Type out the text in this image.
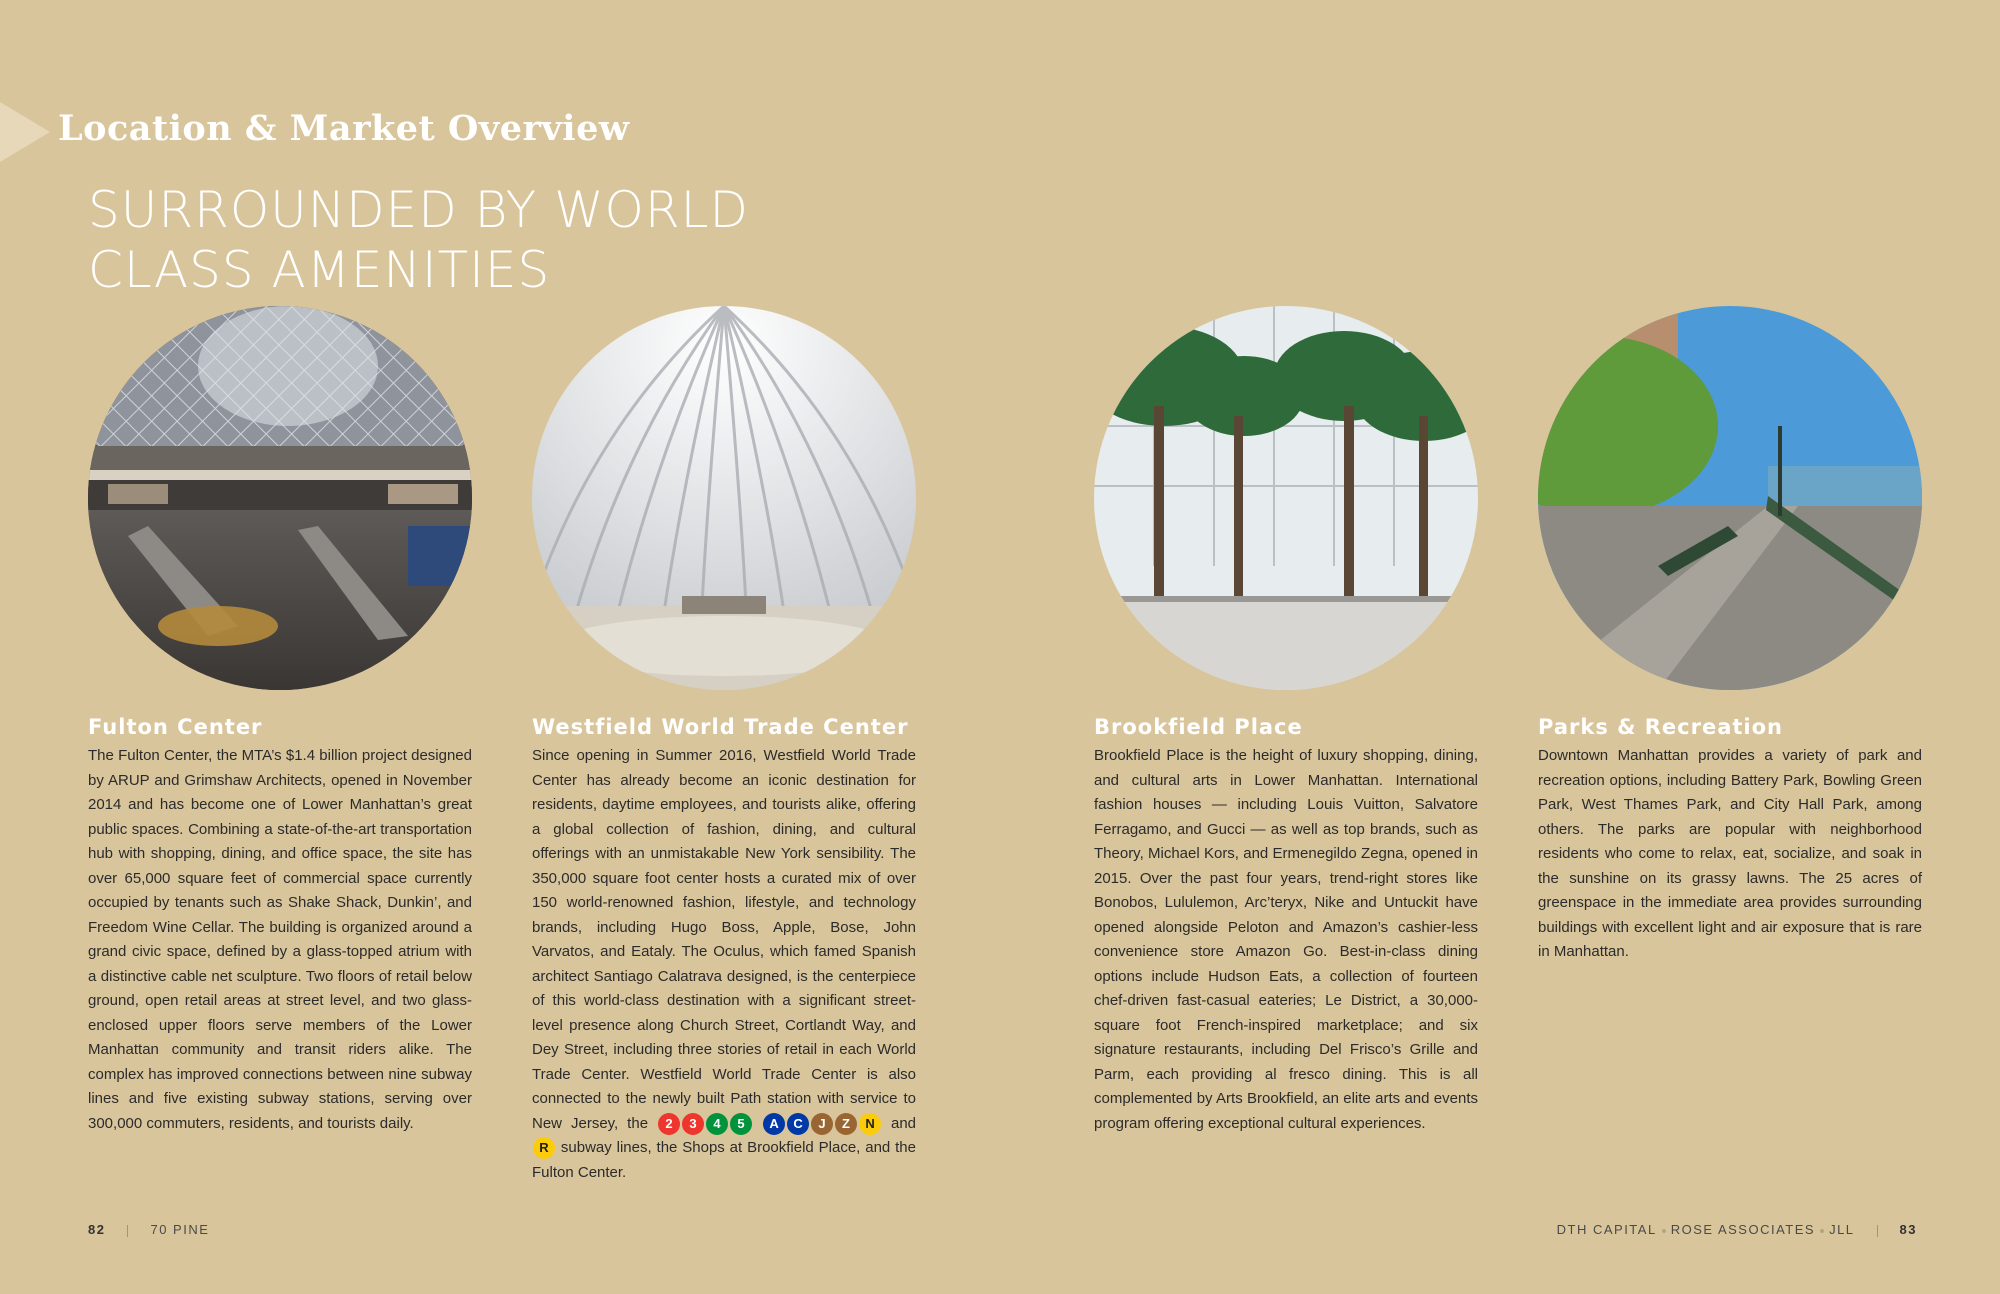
Location & Market Overview
SURROUNDED BY WORLD
CLASS AMENITIES
Fulton Center

The Fulton Center, the MTA’s $1.4 billion project designed by ARUP and Grimshaw Architects, opened in November 2014 and has become one of Lower Manhattan’s great public spaces. Combining a state-of-the-art transportation hub with shopping, dining, and office space, the site has over 65,000 square feet of commercial space currently occupied by tenants such as Shake Shack, Dunkin’, and Freedom Wine Cellar. The building is organized around a grand civic space, defined by a glass-topped atrium with a distinctive cable net sculpture. Two floors of retail below ground, open retail areas at street level, and two glass-enclosed upper floors serve members of the Lower Manhattan community and transit riders alike. The complex has improved connections between nine subway lines and five existing subway stations, serving over 300,000 commuters, residents, and tourists daily.

Westfield World Trade Center

Since opening in Summer 2016, Westfield World Trade Center has already become an iconic destination for residents, daytime employees, and tourists alike, offering a global collection of fashion, dining, and cultural offerings with an unmistakable New York sensibility. The 350,000 square foot center hosts a curated mix of over 150 world-renowned fashion, lifestyle, and technology brands, including Hugo Boss, Apple, Bose, John Varvatos, and Eataly. The Oculus, which famed Spanish architect Santiago Calatrava designed, is the centerpiece of this world-class destination with a significant street-level presence along Church Street, Cortlandt Way, and Dey Street, including three stories of retail in each World Trade Center. Westfield World Trade Center is also connected to the newly built Path station with service to New Jersey, the 2 3 4 5 A C J Z N and R subway lines, the Shops at Brookfield Place, and the Fulton Center.

Brookfield Place

Brookfield Place is the height of luxury shopping, dining, and cultural arts in Lower Manhattan. International fashion houses — including Louis Vuitton, Salvatore Ferragamo, and Gucci — as well as top brands, such as Theory, Michael Kors, and Ermenegildo Zegna, opened in 2015. Over the past four years, trend-right stores like Bonobos, Lululemon, Arc’teryx, Nike and Untuckit have opened alongside Peloton and Amazon’s cashier-less convenience store Amazon Go. Best-in-class dining options include Hudson Eats, a collection of fourteen chef-driven fast-casual eateries; Le District, a 30,000-square foot French-inspired marketplace; and six signature restaurants, including Del Frisco’s Grille and Parm, each providing al fresco dining. This is all complemented by Arts Brookfield, an elite arts and events program offering exceptional cultural experiences.

Parks & Recreation

Downtown Manhattan provides a variety of park and recreation options, including Battery Park, Bowling Green Park, West Thames Park, and City Hall Park, among others. The parks are popular with neighborhood residents who come to relax, eat, socialize, and soak in the sunshine on its grassy lawns. The 25 acres of greenspace in the immediate area provides surrounding buildings with excellent light and air exposure that is rare in Manhattan.

82	70 PINE	DTH CAPITAL ROSE ASSOCIATES JLL	83
